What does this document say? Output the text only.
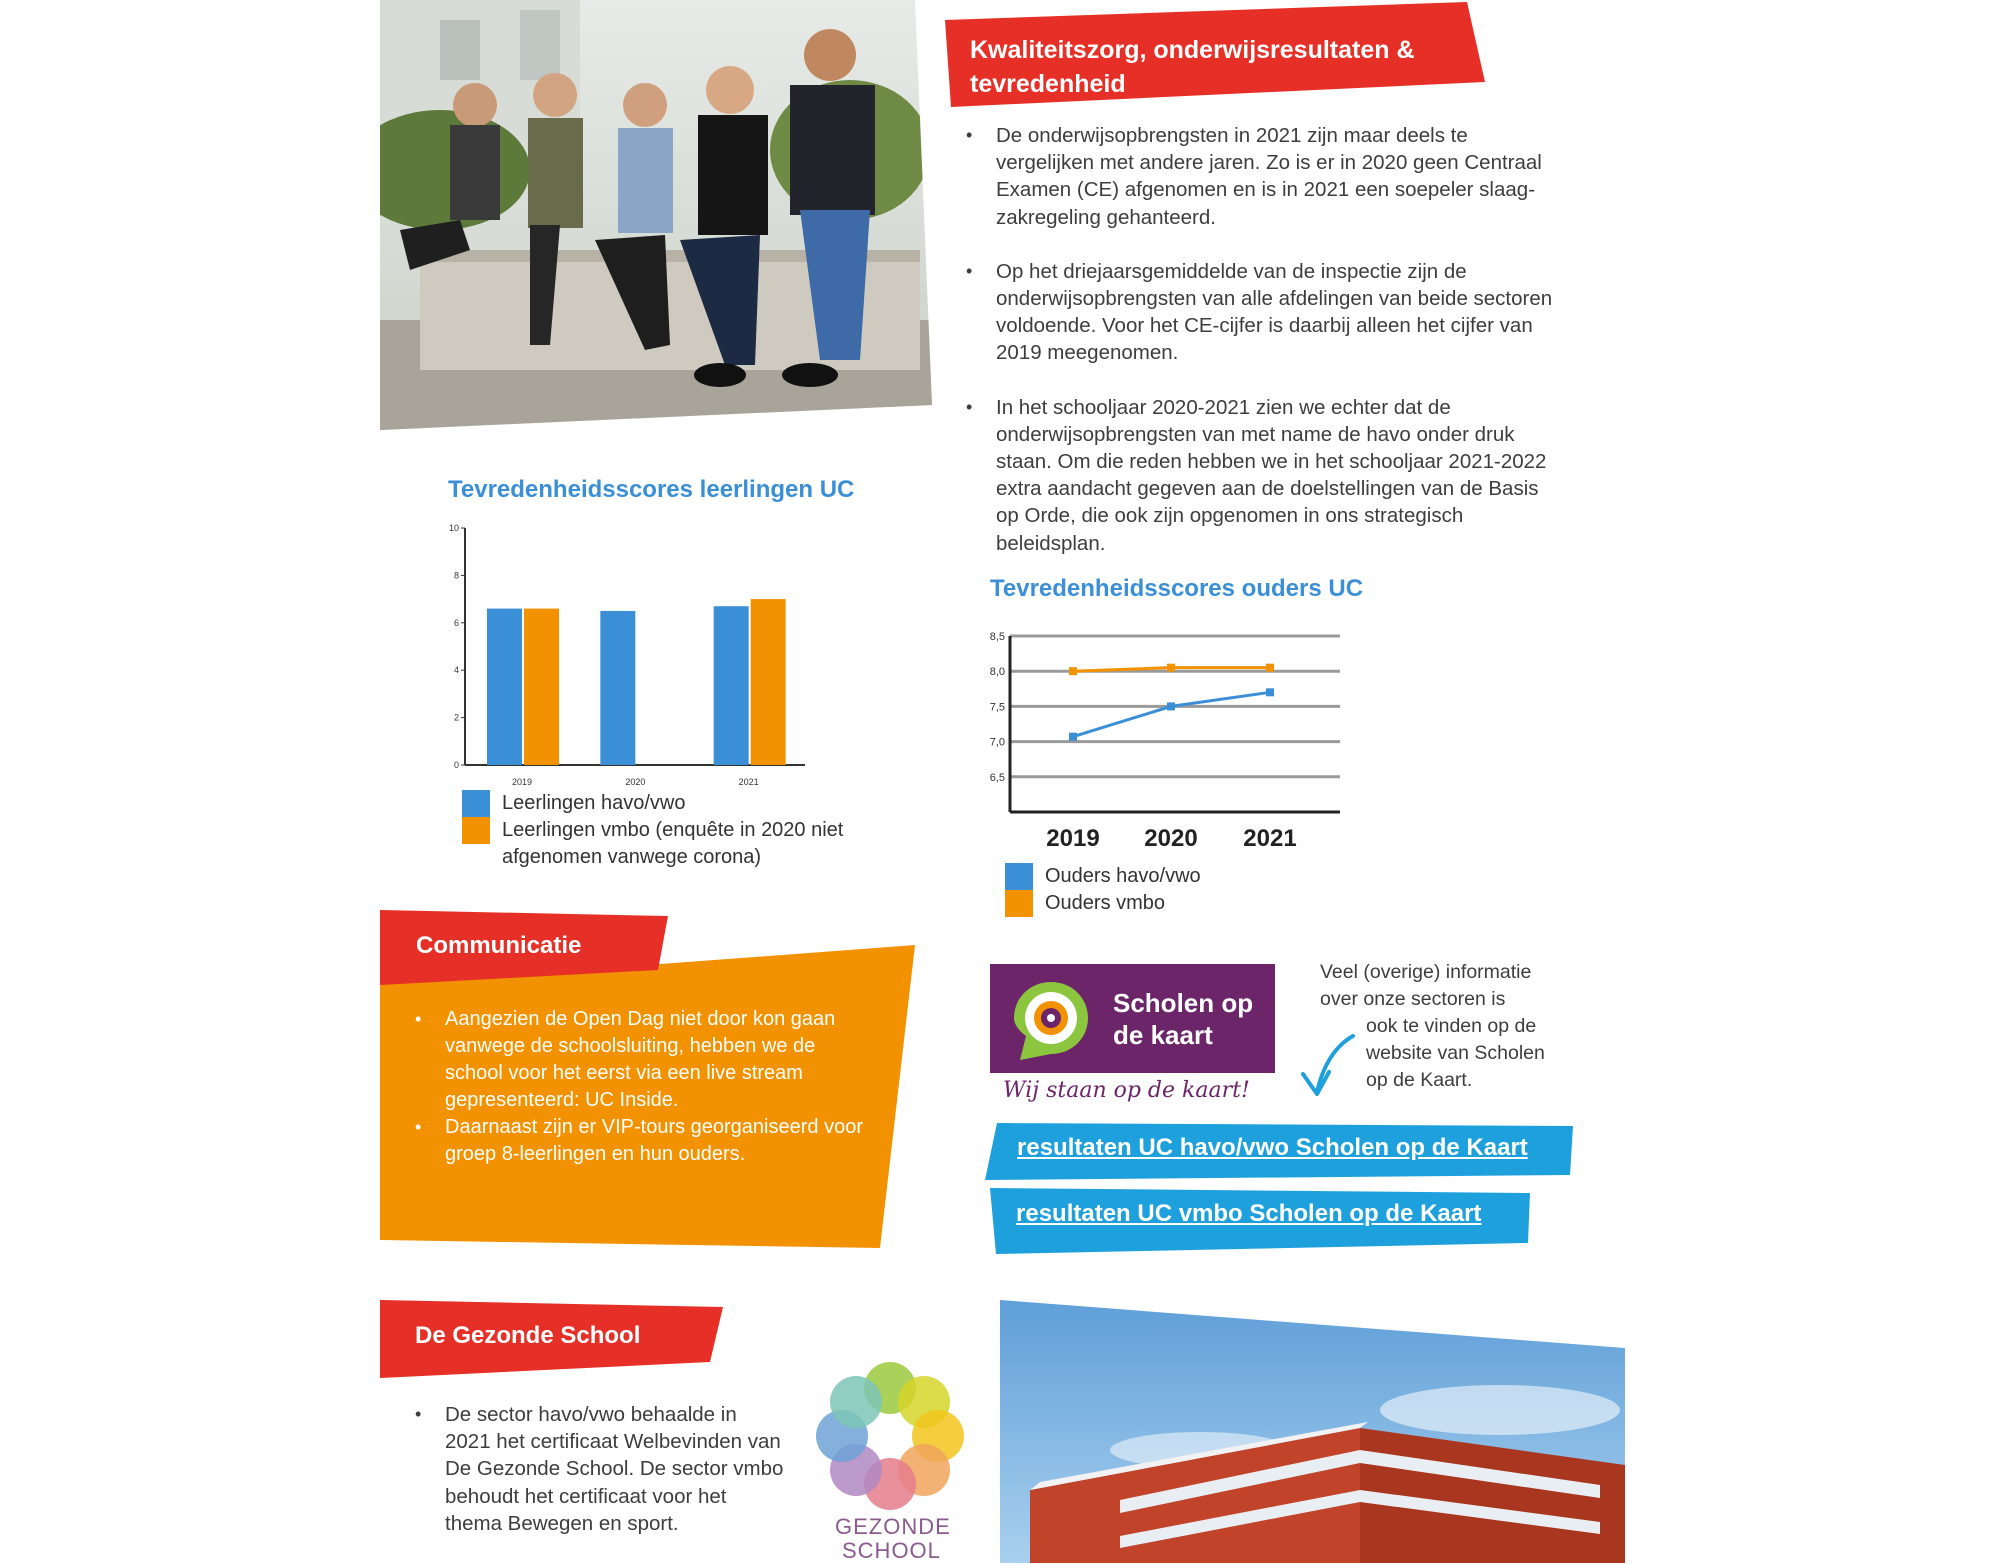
Kwaliteitszorg, onderwijsresultaten &
tevredenheid
• De onderwijsopbrengsten in 2021 zijn maar deels te vergelijken met andere jaren. Zo is er in 2020 geen Centraal Examen (CE) afgenomen en is in 2021 een soepeler slaag-zakregeling gehanteerd.
• Op het driejaarsgemiddelde van de inspectie zijn de onderwijsopbrengsten van alle afdelingen van beide sectoren voldoende. Voor het CE-cijfer is daarbij alleen het cijfer van 2019 meegenomen.
• In het schooljaar 2020-2021 zien we echter dat de onderwijsopbrengsten van met name de havo onder druk staan. Om die reden hebben we in het schooljaar 2021-2022 extra aandacht gegeven aan de doelstellingen van de Basis op Orde, die ook zijn opgenomen in ons strategisch beleidsplan.
Tevredenheidsscores leerlingen UC
0
2
4
6
8
10
2019	2020	2021
Leerlingen havo/vwo
Leerlingen vmbo (enquête in 2020 niet afgenomen vanwege corona)
Tevredenheidsscores ouders UC
6,5
7,0
7,5
8,0
8,5
2019 2020 2021
Ouders havo/vwo
Ouders vmbo
Communicatie
• Aangezien de Open Dag niet door kon gaan vanwege de schoolsluiting, hebben we de school voor het eerst via een live stream gepresenteerd: UC Inside.
• Daarnaast zijn er VIP-tours georganiseerd voor groep 8-leerlingen en hun ouders.
Scholen op
de kaart
Wij staan op de kaart!
Veel (overige) informatie
over onze sectoren is
ook te vinden op de
website van Scholen
op de Kaart.
resultaten UC havo/vwo Scholen op de Kaart
resultaten UC vmbo Scholen op de Kaart
De Gezonde School
• De sector havo/vwo behaalde in 2021 het certificaat Welbevinden van De Gezonde School. De sector vmbo behoudt het certificaat voor het thema Bewegen en sport.	GEZONDE
SCHOOL
